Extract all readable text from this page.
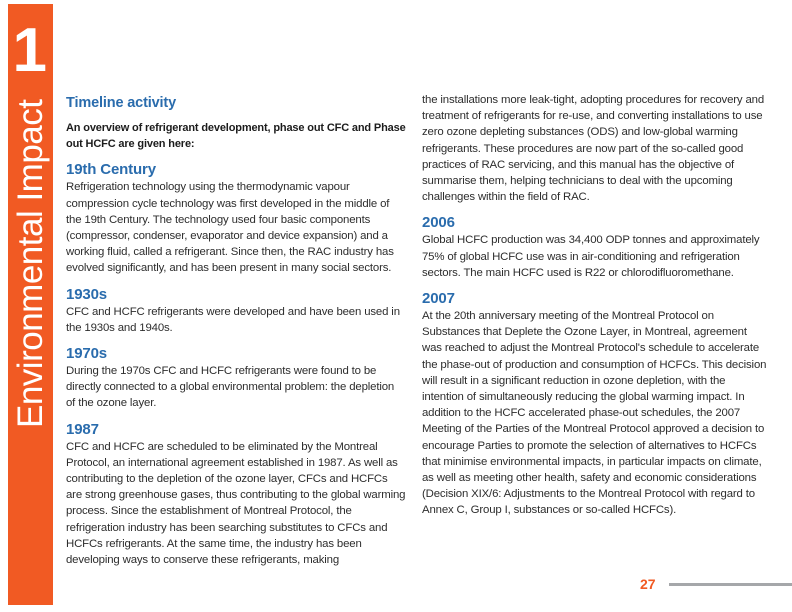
1
Environmental Impact Timeline activity

An overview of refrigerant development, phase out CFC and Phase out HCFC are given here:

19th Century

Refrigeration technology using the thermodynamic vapour compression cycle technology was first developed in the middle of the 19th Century. The technology used four basic components (compressor, condenser, evaporator and device expansion) and a working fluid, called a refrigerant. Since then, the RAC industry has evolved significantly, and has been present in many social sectors.

1930s

CFC and HCFC refrigerants were developed and have been used in the 1930s and 1940s.

1970s

During the 1970s CFC and HCFC refrigerants were found to be directly connected to a global environmental problem: the depletion of the ozone layer.

1987

CFC and HCFC are scheduled to be eliminated by the Montreal Protocol, an international agreement established in 1987. As well as contributing to the depletion of the ozone layer, CFCs and HCFCs are strong greenhouse gases, thus contributing to the global warming process. Since the establishment of Montreal Protocol, the refrigeration industry has been searching substitutes to CFCs and HCFCs refrigerants. At the same time, the industry has been developing ways to conserve these refrigerants, making

the installations more leak-tight, adopting procedures for recovery and treatment of refrigerants for re-use, and converting installations to use zero ozone depleting substances (ODS) and low-global warming refrigerants. These procedures are now part of the so-called good practices of RAC servicing, and this manual has the objective of summarise them, helping technicians to deal with the upcoming challenges within the field of RAC.

2006

Global HCFC production was 34,400 ODP tonnes and approximately 75% of global HCFC use was in air-conditioning and refrigeration sectors. The main HCFC used is R22 or chlorodifluoromethane.

2007

At the 20th anniversary meeting of the Montreal Protocol on Substances that Deplete the Ozone Layer, in Montreal, agreement was reached to adjust the Montreal Protocol's schedule to accelerate the phase-out of production and consumption of HCFCs. This decision will result in a significant reduction in ozone depletion, with the intention of simultaneously reducing the global warming impact. In addition to the HCFC accelerated phase-out schedules, the 2007 Meeting of the Parties of the Montreal Protocol approved a decision to encourage Parties to promote the selection of alternatives to HCFCs that minimise environmental impacts, in particular impacts on climate, as well as meeting other health, safety and economic considerations (Decision XIX/6: Adjustments to the Montreal Protocol with regard to Annex C, Group I, substances or so-called HCFCs).

27
